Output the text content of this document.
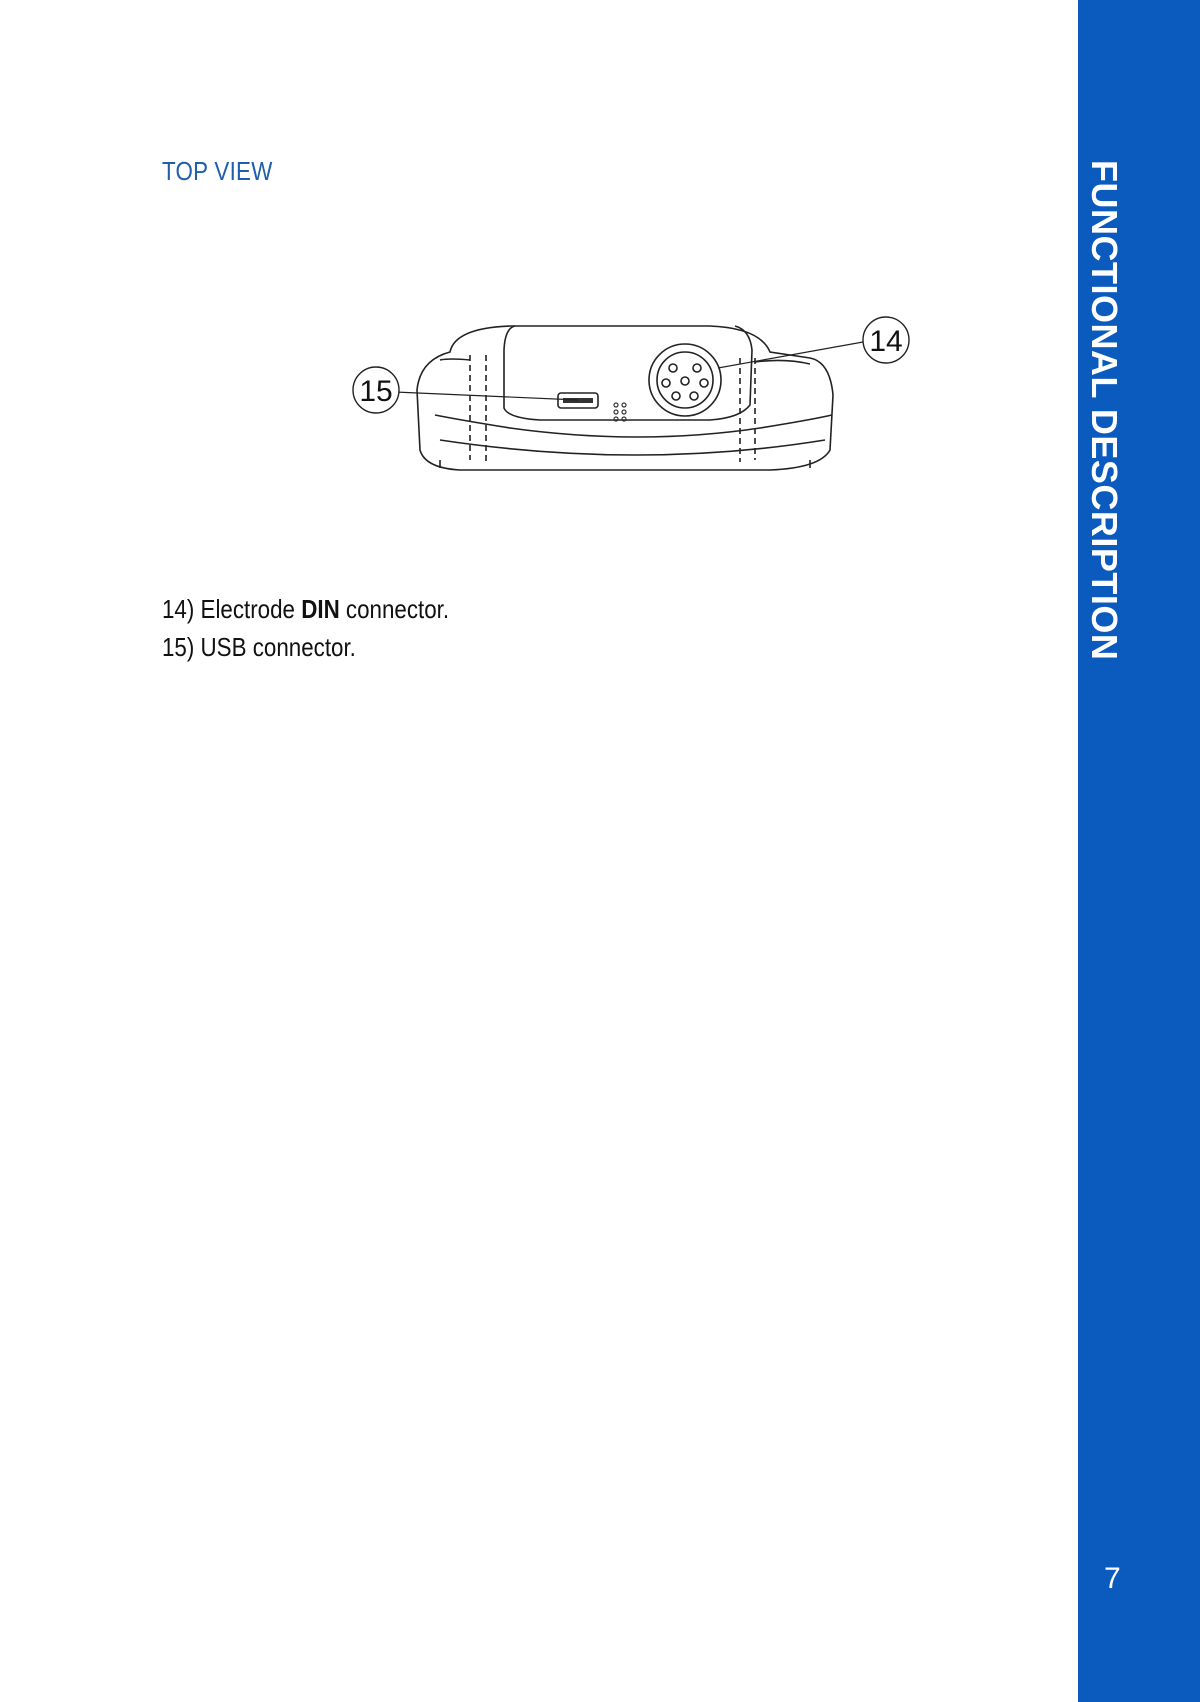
TOP VIEW
14
15
14) Electrode DIN connector.
15) USB connector.	FUNCTIONAL DESCRIPTION
7
